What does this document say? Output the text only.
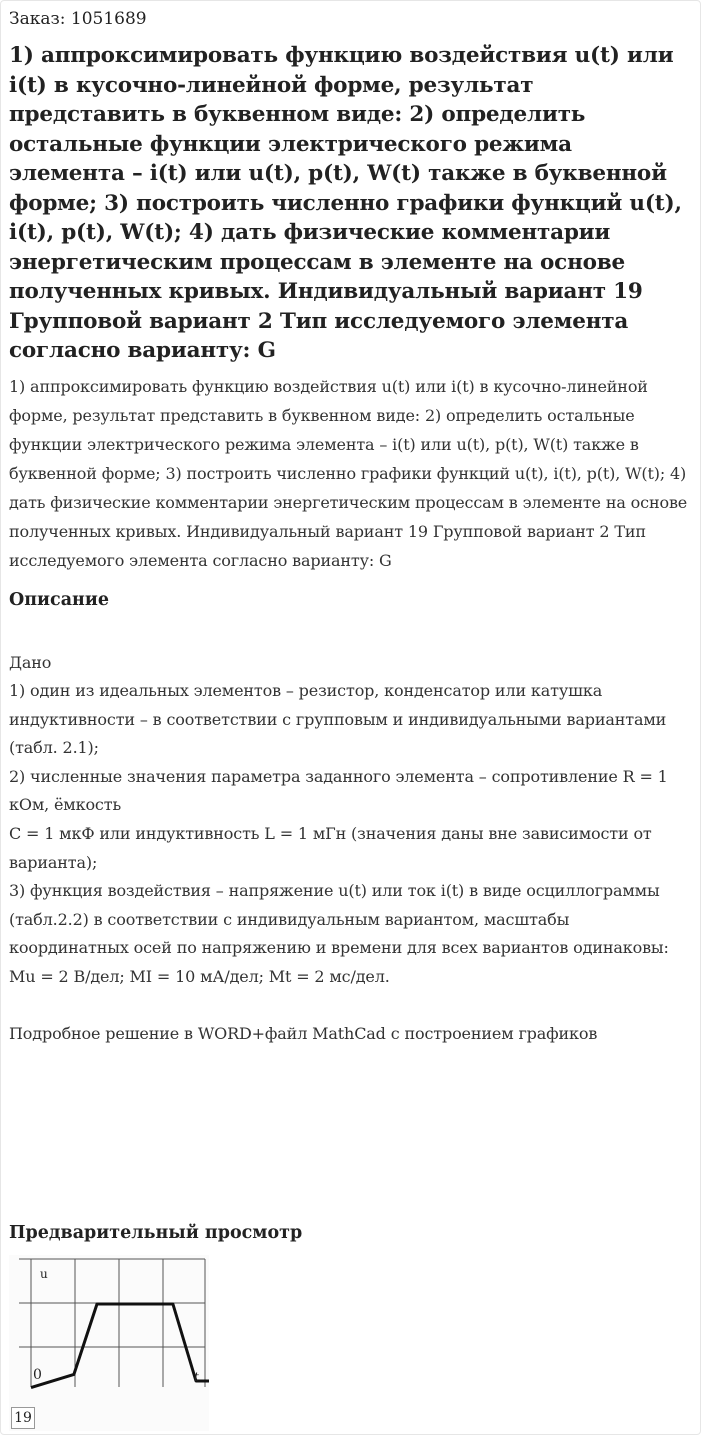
Заказ: 1051689
1) аппроксимировать функцию воздействия u(t) или i(t) в кусочно-линейной форме, результат представить в буквенном виде: 2) определить остальные функции электрического режима элемента – i(t) или u(t), p(t), W(t) также в буквенной форме; 3) построить численно графики функций u(t), i(t), p(t), W(t); 4) дать физические комментарии энергетическим процессам в элементе на основе полученных кривых. Индивидуальный вариант 19 Групповой вариант 2 Тип исследуемого элемента согласно варианту: G
1) аппроксимировать функцию воздействия u(t) или i(t) в кусочно-линейной форме, результат представить в буквенном виде: 2) определить остальные функции электрического режима элемента – i(t) или u(t), p(t), W(t) также в буквенной форме; 3) построить численно графики функций u(t), i(t), p(t), W(t); 4) дать физические комментарии энергетическим процессам в элементе на основе полученных кривых. Индивидуальный вариант 19 Групповой вариант 2 Тип исследуемого элемента согласно варианту: G
Описание

Дано

1) один из идеальных элементов – резистор, конденсатор или катушка индуктивности – в соответствии с групповым и индивидуальными вариантами (табл. 2.1);

2) численные значения параметра заданного элемента – сопротивление R = 1 кОм, ёмкость

C = 1 мкФ или индуктивность L = 1 мГн (значения даны вне зависимости от варианта);

3) функция воздействия – напряжение u(t) или ток i(t) в виде осциллограммы (табл.2.2) в соответствии с индивидуальным вариантом, масштабы координатных осей по напряжению и времени для всех вариантов одинаковы: Mu = 2 В/дел; MI = 10 мА/дел; Mt = 2 мс/дел.

Подробное решение в WORD+файл MathCad с построением графиков

Предварительный просмотр
u
0	t
19
